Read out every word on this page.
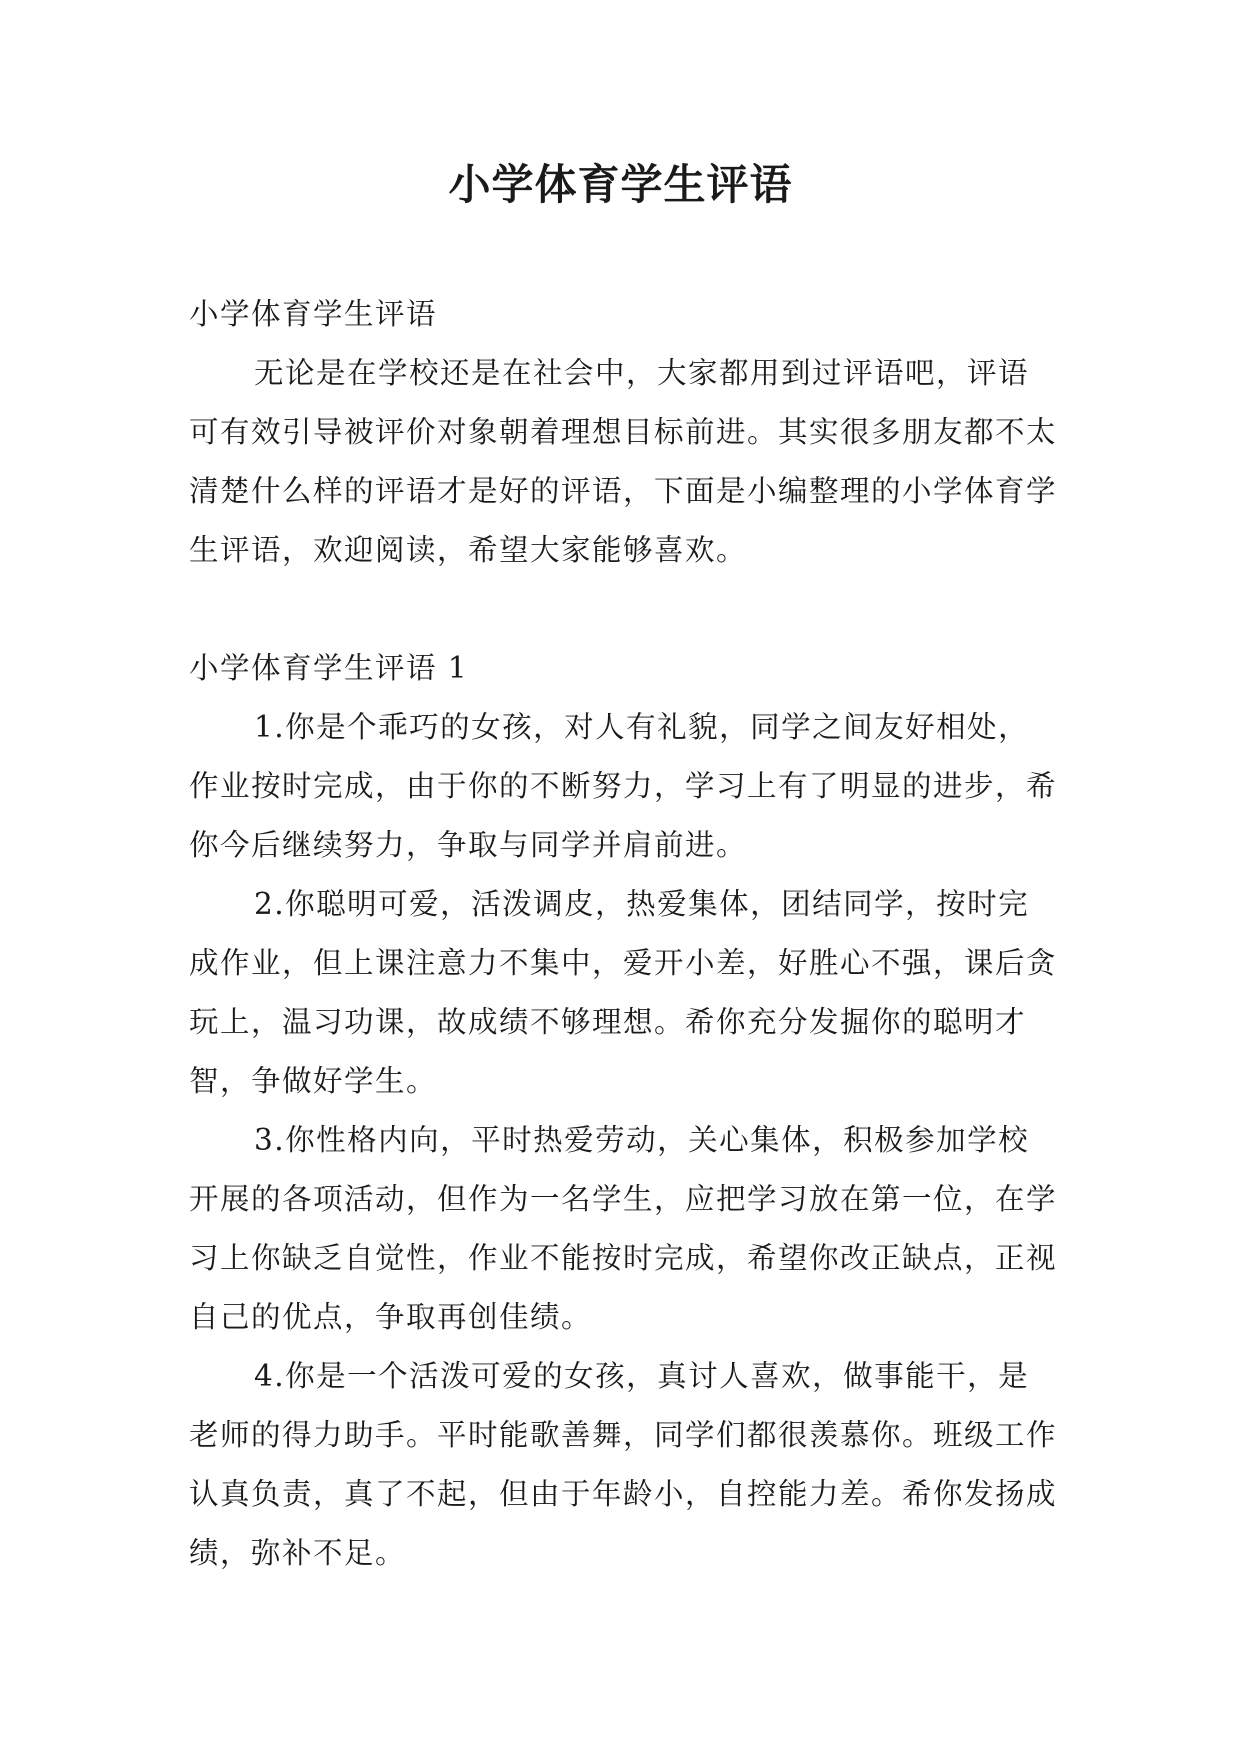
小学体育学生评语

小学体育学生评语

无论是在学校还是在社会中，大家都用到过评语吧，评语可有效引导被评价对象朝着理想目标前进。其实很多朋友都不太清楚什么样的评语才是好的评语，下面是小编整理的小学体育学生评语，欢迎阅读，希望大家能够喜欢。

小学体育学生评语 1

1.你是个乖巧的女孩，对人有礼貌，同学之间友好相处，作业按时完成，由于你的不断努力，学习上有了明显的进步，希你今后继续努力，争取与同学并肩前进。

2.你聪明可爱，活泼调皮，热爱集体，团结同学，按时完成作业，但上课注意力不集中，爱开小差，好胜心不强，课后贪玩上，温习功课，故成绩不够理想。希你充分发掘你的聪明才智，争做好学生。

3.你性格内向，平时热爱劳动，关心集体，积极参加学校开展的各项活动，但作为一名学生，应把学习放在第一位，在学习上你缺乏自觉性，作业不能按时完成，希望你改正缺点，正视自己的优点，争取再创佳绩。

4.你是一个活泼可爱的女孩，真讨人喜欢，做事能干，是老师的得力助手。平时能歌善舞，同学们都很羡慕你。班级工作认真负责，真了不起，但由于年龄小，自控能力差。希你发扬成绩，弥补不足。
